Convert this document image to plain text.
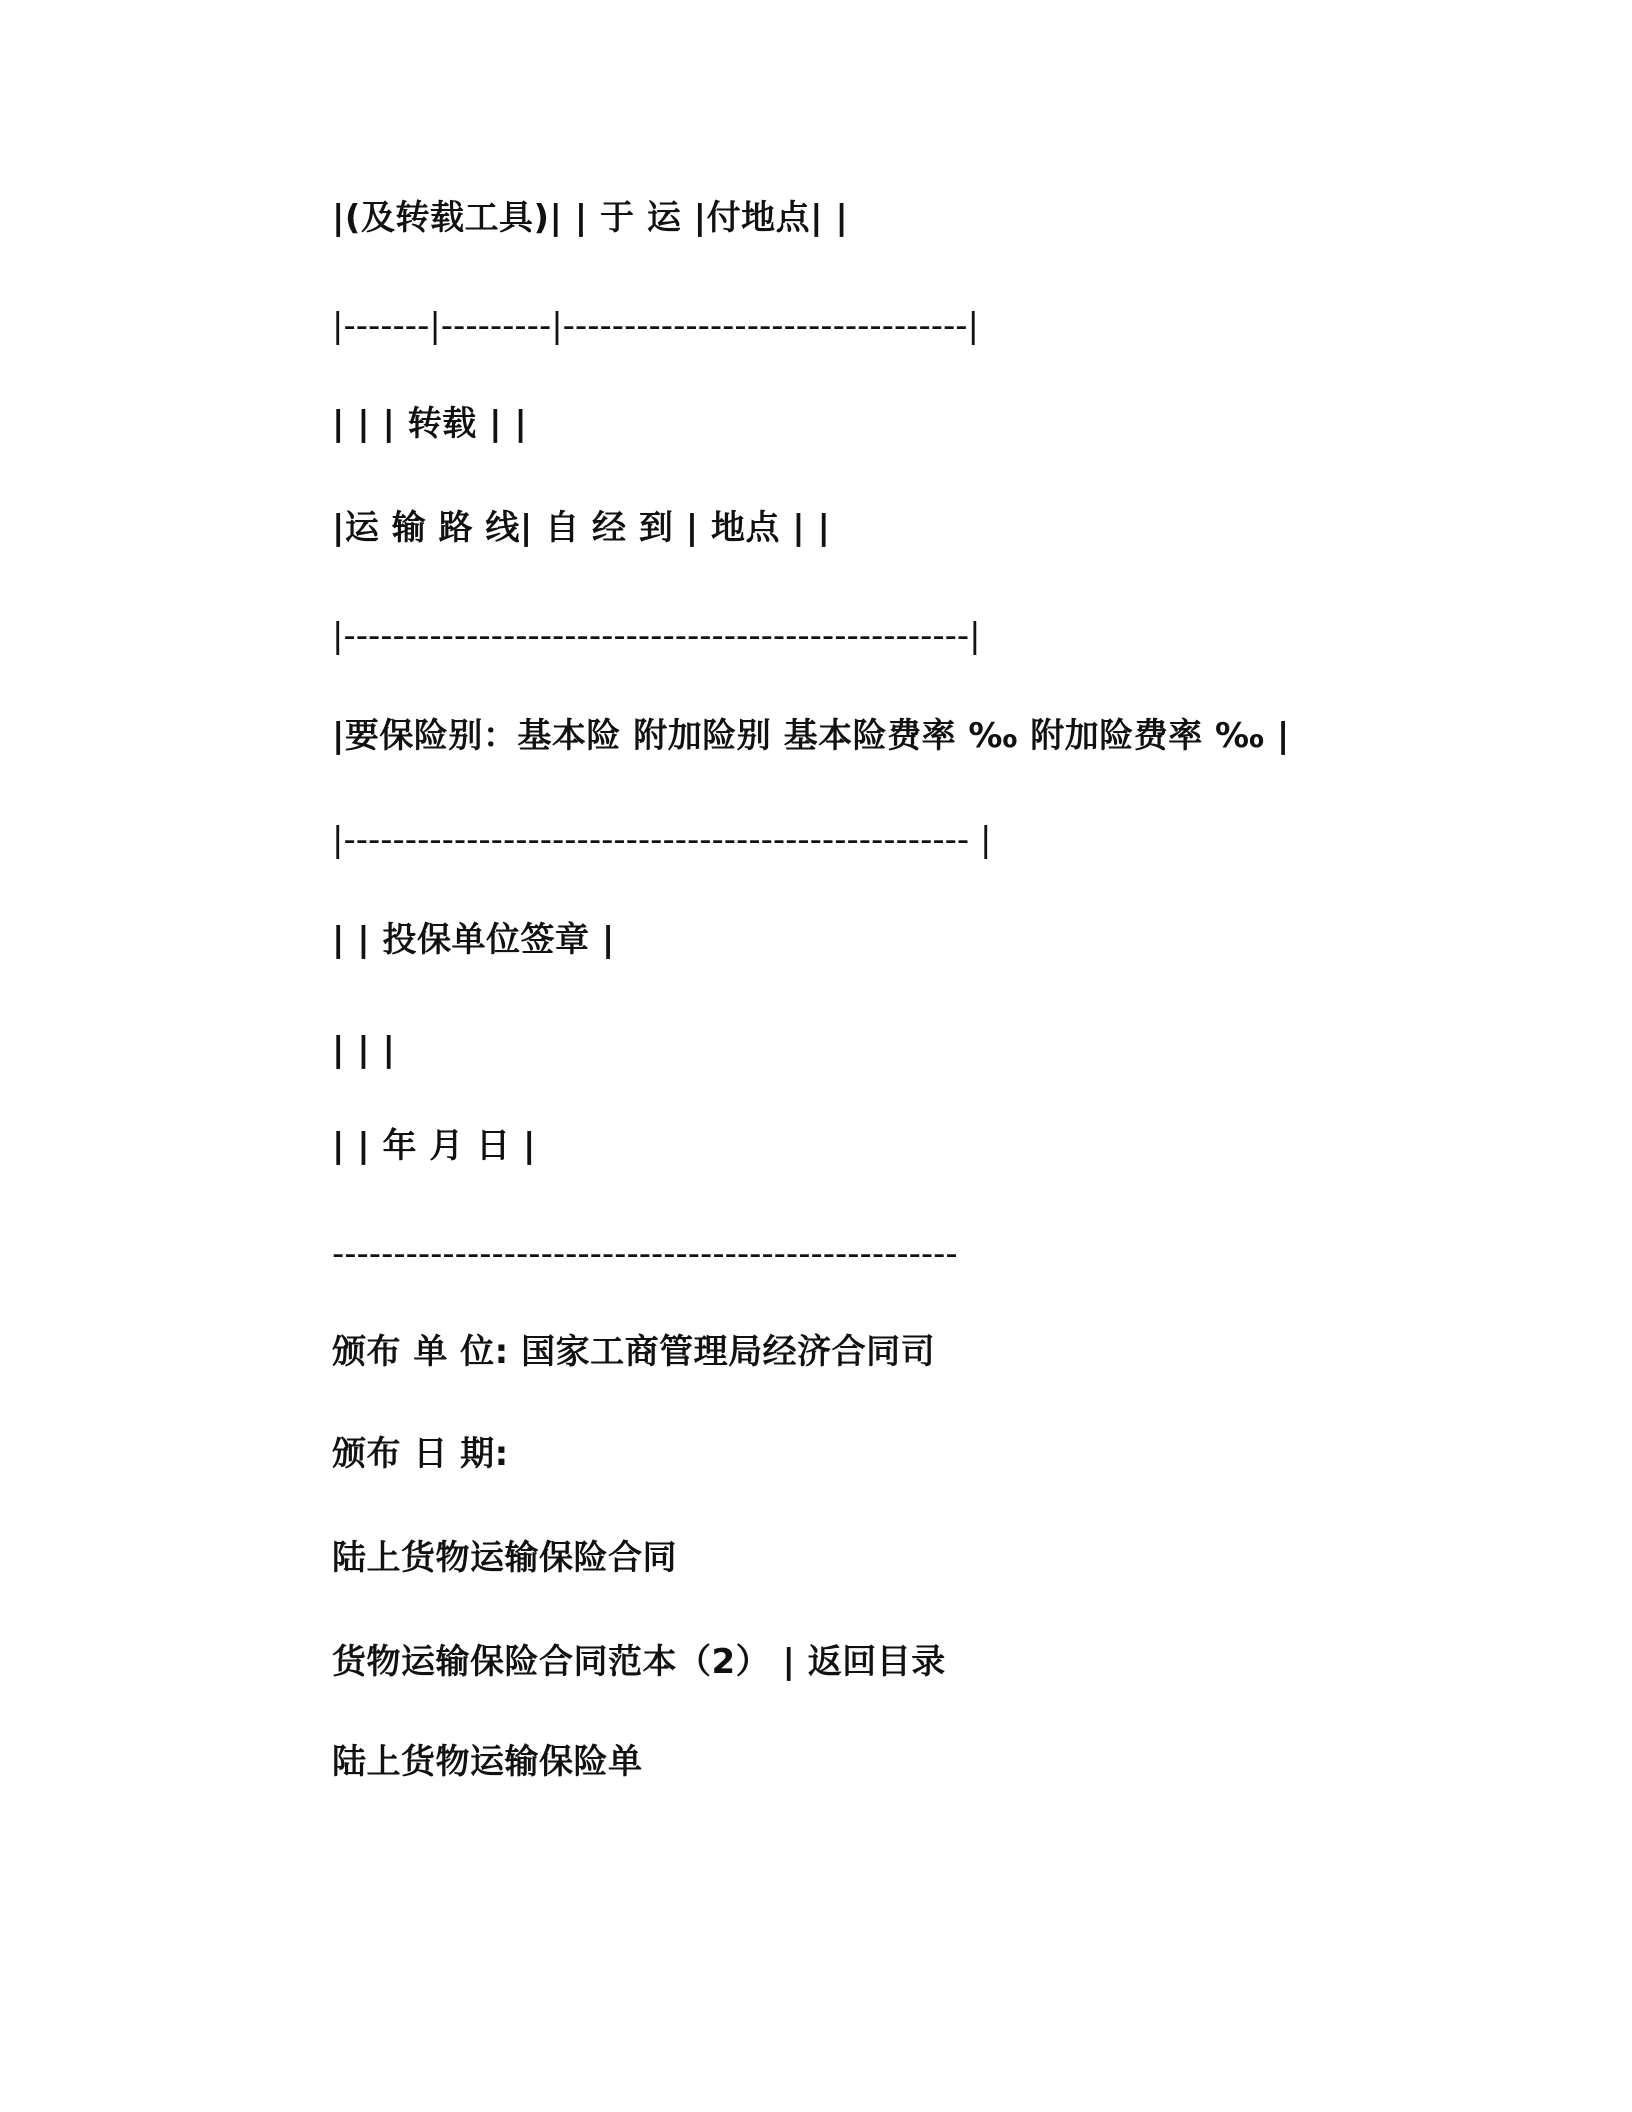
|(及转载工具)| | 于 运 |付地点| |
|-------|---------|---------------------------------|
| | | 转载 | |
|运 输 路 线| 自 经 到 | 地点 | |
|---------------------------------------------------|
|要保险别：基本险 附加险别 基本险费率 ‰ 附加险费率 ‰ |
|--------------------------------------------------- |
| | 投保单位签章 |
| | |
| | 年 月 日 |
---------------------------------------------------
颁布 单 位: 国家工商管理局经济合同司
颁布 日 期:
陆上货物运输保险合同
货物运输保险合同范本（2） | 返回目录
陆上货物运输保险单
